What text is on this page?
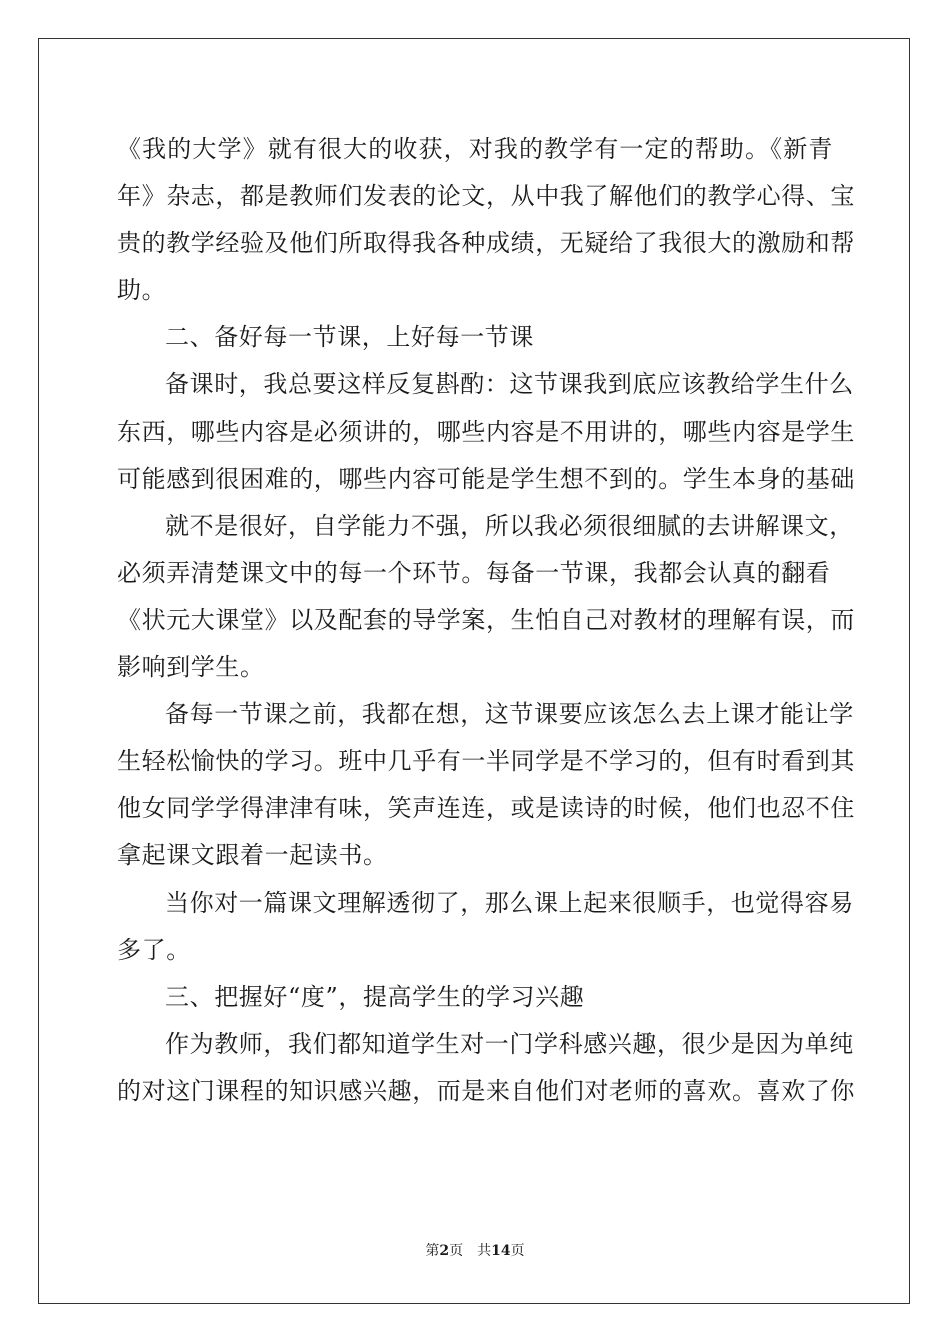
《我的大学》就有很大的收获，对我的教学有一定的帮助。《新青
年》杂志，都是教师们发表的论文，从中我了解他们的教学心得、宝
贵的教学经验及他们所取得我各种成绩，无疑给了我很大的激励和帮
助。
二、备好每一节课，上好每一节课
备课时，我总要这样反复斟酌：这节课我到底应该教给学生什么
东西，哪些内容是必须讲的，哪些内容是不用讲的，哪些内容是学生
可能感到很困难的，哪些内容可能是学生想不到的。学生本身的基础
就不是很好，自学能力不强，所以我必须很细腻的去讲解课文，
必须弄清楚课文中的每一个环节。每备一节课，我都会认真的翻看
《状元大课堂》以及配套的导学案，生怕自己对教材的理解有误，而
影响到学生。
备每一节课之前，我都在想，这节课要应该怎么去上课才能让学
生轻松愉快的学习。班中几乎有一半同学是不学习的，但有时看到其
他女同学学得津津有味，笑声连连，或是读诗的时候，他们也忍不住
拿起课文跟着一起读书。
当你对一篇课文理解透彻了，那么课上起来很顺手，也觉得容易
多了。
三、把握好“度”，提高学生的学习兴趣
作为教师，我们都知道学生对一门学科感兴趣，很少是因为单纯
的对这门课程的知识感兴趣，而是来自他们对老师的喜欢。喜欢了你
第2页 共14页
